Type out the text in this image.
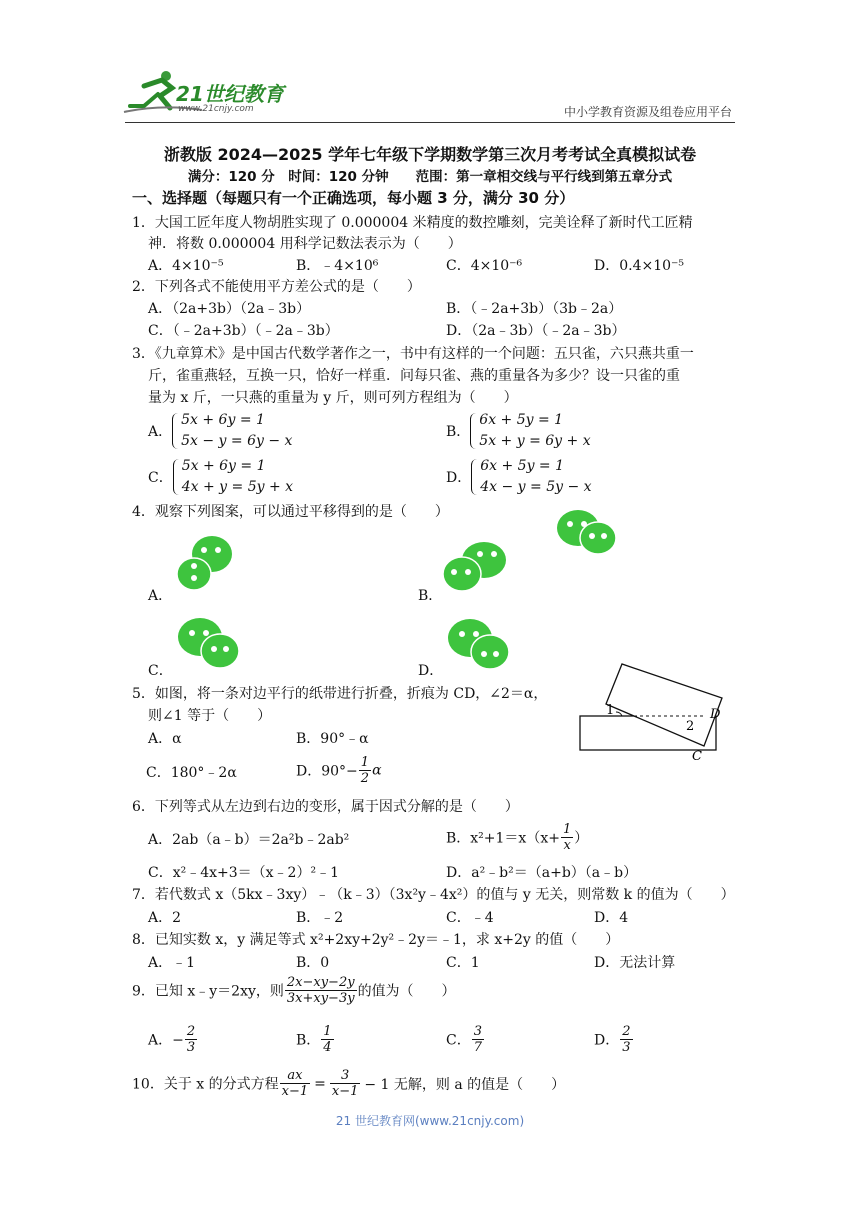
21世纪教育
www.21cnjy.com	中小学教育资源及组卷应用平台
浙教版 2024—2025 学年七年级下学期数学第三次月考考试全真模拟试卷
满分：120 分　时间：120 分钟　　范围：第一章相交线与平行线到第五章分式
一、选择题（每题只有一个正确选项，每小题 3 分，满分 30 分）
1．大国工匠年度人物胡胜实现了 0.000004 米精度的数控雕刻，完美诠释了新时代工匠精
神．将数 0.000004 用科学记数法表示为（　　）
A．4×10⁻⁵	B．﹣4×10⁶	C．4×10⁻⁶	D．0.4×10⁻⁵
2．下列各式不能使用平方差公式的是（　　）
A．（2a+3b）（2a﹣3b）	B．（﹣2a+3b）（3b﹣2a）
C．（﹣2a+3b）（﹣2a﹣3b）	D．（2a﹣3b）（﹣2a﹣3b）
3．《九章算术》是中国古代数学著作之一，书中有这样的一个问题：五只雀，六只燕共重一
斤，雀重燕轻，互换一只，恰好一样重．问每只雀、燕的重量各为多少？设一只雀的重
量为 x 斤，一只燕的重量为 y 斤，则可列方程组为（　　）
A．5x + 6y = 1
5x − y = 6y − x
B．6x + 5y = 1
5x + y = 6y + x
C．5x + 6y = 1
4x + y = 5y + x
D．6x + 5y = 1
4x − y = 5y − x
4．观察下列图案，可以通过平移得到的是（　　）
A．	B．
C．	D．
5．如图，将一条对边平行的纸带进行折叠，折痕为 CD，∠2＝α，
则∠1 等于（　　）
A．α	B．90°﹣α
C．180°﹣2α	D．$90^\circ- \frac{1}{2}$ α
1
2
D
C
6．下列等式从左边到右边的变形，属于因式分解的是（　　）
A．2ab（a﹣b）＝2a²b﹣2ab²	B．$x^2+1=x(x+ \frac{1}{x}$ ）
C．x²﹣4x+3＝（x﹣2）²﹣1	D．a²﹣b²＝（a+b）（a﹣b）
7．若代数式 x（5kx﹣3xy）﹣（k﹣3）（3x²y﹣4x²）的值与 y 无关，则常数 k 的值为（　　）
A．2	B．﹣2	C．﹣4	D．4
8．已知实数 x，y 满足等式 x²+2xy+2y²﹣2y＝﹣1，求 x+2y 的值（　　）
A．﹣1	B．0	C．1	D．无法计算
9．已知 x﹣y＝2xy，则 $\frac{2x-xy-2y}{3x+xy-3y}$ 的值为（　　）
A．− $\frac{2}{3}$	B． $\frac{1}{4}$	C． $\frac{3}{7}$	D． $\frac{2}{3}$
10．关于 x 的分式方程 $\frac{ax}{x-1} = \frac{3}{x-1} - 1$ 无解，则 a 的值是（　　）
21 世纪教育网(www.21cnjy.com)
